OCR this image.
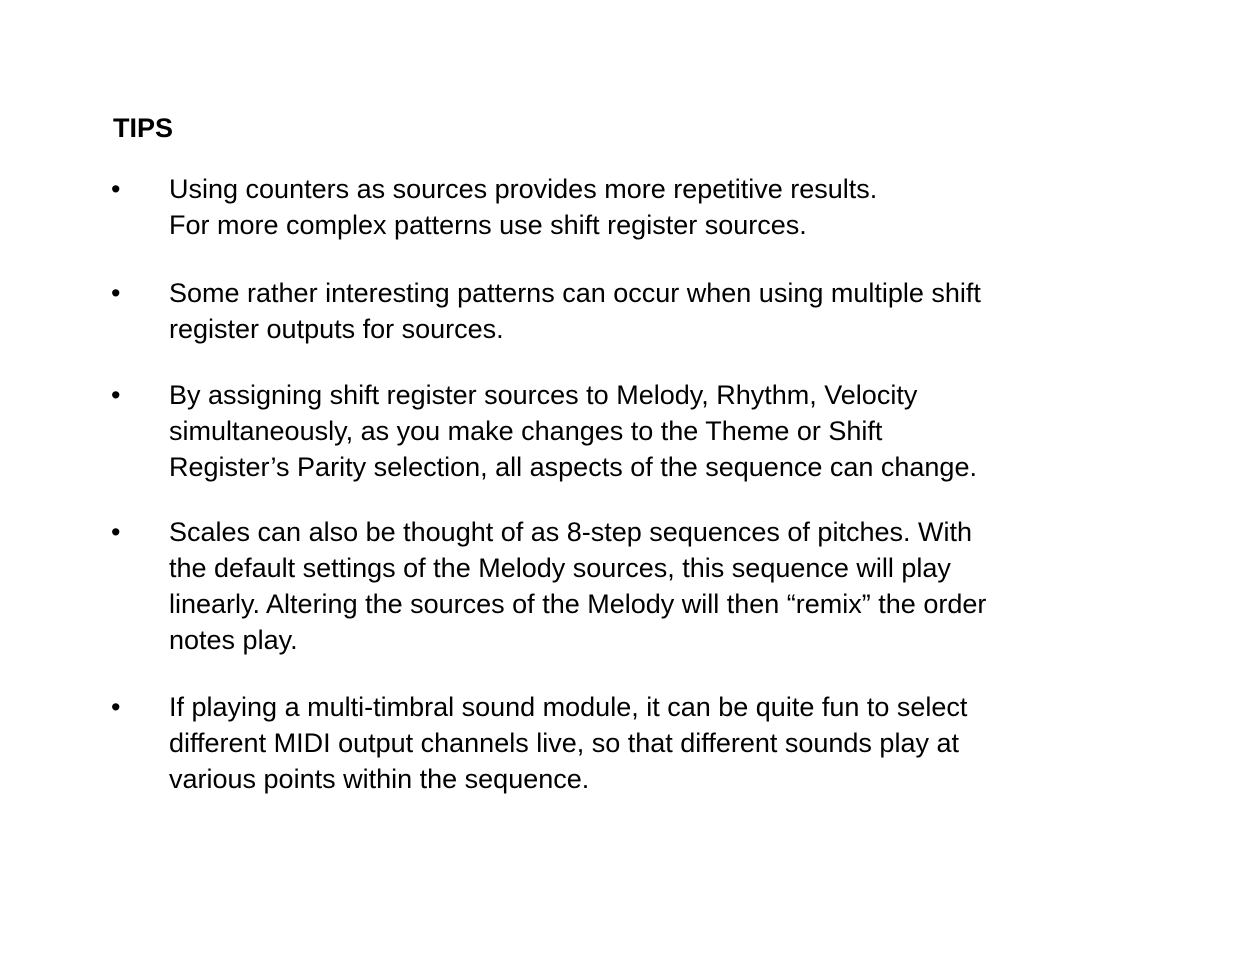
TIPS
• Using counters as sources provides more repetitive results.
For more complex patterns use shift register sources.
• Some rather interesting patterns can occur when using multiple shift
register outputs for sources.
• By assigning shift register sources to Melody, Rhythm, Velocity
simultaneously, as you make changes to the Theme or Shift
Register’s Parity selection, all aspects of the sequence can change.
• Scales can also be thought of as 8-step sequences of pitches. With
the default settings of the Melody sources, this sequence will play
linearly. Altering the sources of the Melody will then “remix” the order
notes play.
• If playing a multi-timbral sound module, it can be quite fun to select
different MIDI output channels live, so that different sounds play at
various points within the sequence.
